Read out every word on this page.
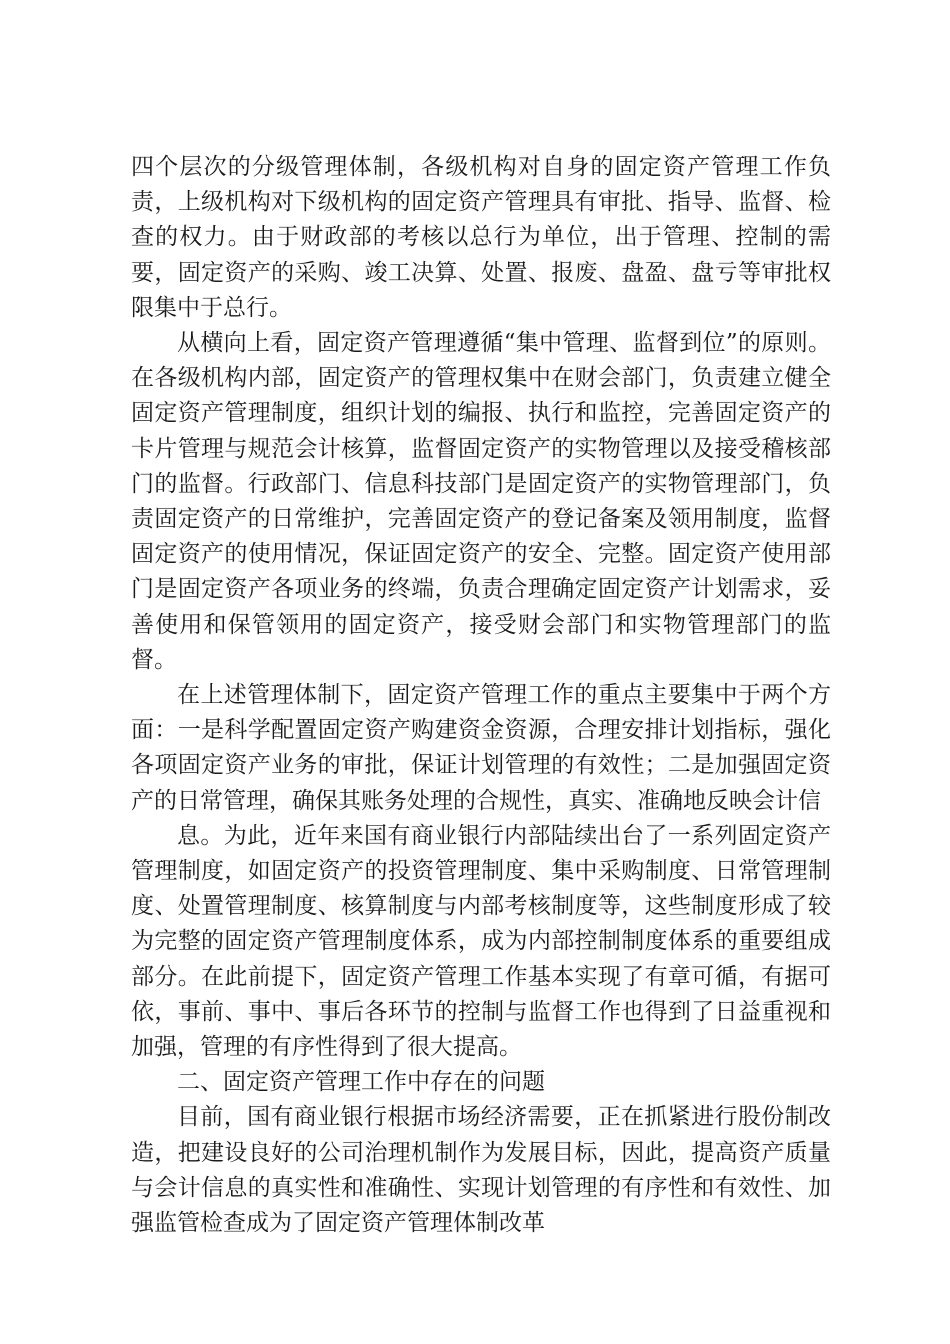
四个层次的分级管理体制，各级机构对自身的固定资产管理工作负责，上级机构对下级机构的固定资产管理具有审批、指导、监督、检查的权力。由于财政部的考核以总行为单位，出于管理、控制的需要，固定资产的采购、竣工决算、处置、报废、盘盈、盘亏等审批权限集中于总行。

从横向上看，固定资产管理遵循“集中管理、监督到位”的原则。在各级机构内部，固定资产的管理权集中在财会部门，负责建立健全固定资产管理制度，组织计划的编报、执行和监控，完善固定资产的卡片管理与规范会计核算，监督固定资产的实物管理以及接受稽核部门的监督。行政部门、信息科技部门是固定资产的实物管理部门，负责固定资产的日常维护，完善固定资产的登记备案及领用制度，监督固定资产的使用情况，保证固定资产的安全、完整。固定资产使用部门是固定资产各项业务的终端，负责合理确定固定资产计划需求，妥善使用和保管领用的固定资产，接受财会部门和实物管理部门的监督。

在上述管理体制下，固定资产管理工作的重点主要集中于两个方面：一是科学配置固定资产购建资金资源，合理安排计划指标，强化各项固定资产业务的审批，保证计划管理的有效性；二是加强固定资产的日常管理，确保其账务处理的合规性，真实、准确地反映会计信

息。为此，近年来国有商业银行内部陆续出台了一系列固定资产管理制度，如固定资产的投资管理制度、集中采购制度、日常管理制度、处置管理制度、核算制度与内部考核制度等，这些制度形成了较为完整的固定资产管理制度体系，成为内部控制制度体系的重要组成部分。在此前提下，固定资产管理工作基本实现了有章可循，有据可依，事前、事中、事后各环节的控制与监督工作也得到了日益重视和加强，管理的有序性得到了很大提高。

二、固定资产管理工作中存在的问题

目前，国有商业银行根据市场经济需要，正在抓紧进行股份制改造，把建设良好的公司治理机制作为发展目标，因此，提高资产质量与会计信息的真实性和准确性、实现计划管理的有序性和有效性、加强监管检查成为了固定资产管理体制改革
